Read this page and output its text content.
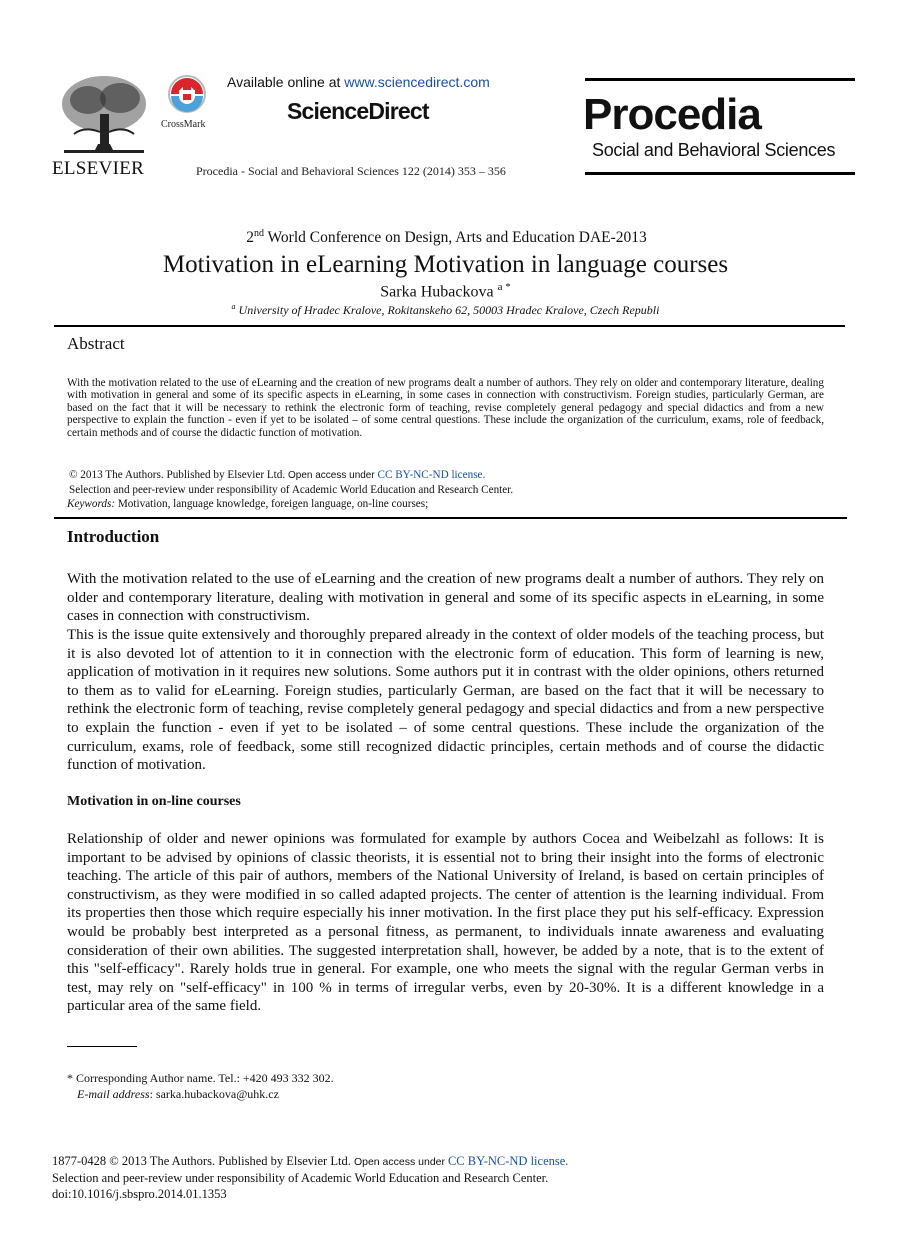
ELSEVIER
CrossMark
Available online at www.sciencedirect.com
ScienceDirect
Procedia - Social and Behavioral Sciences 122 (2014) 353 – 356
Procedia
Social and Behavioral Sciences
2nd World Conference on Design, Arts and Education DAE-2013
Motivation in eLearning Motivation in language courses
Sarka Hubackova $^{a *}$
$^a$ University of Hradec Kralove, Rokitanskeho 62, 50003 Hradec Kralove, Czech Republi
Abstract
With the motivation related to the use of eLearning and the creation of new programs dealt a number of authors. They rely on older and contemporary literature, dealing with motivation in general and some of its specific aspects in eLearning, in some cases in connection with constructivism. Foreign studies, particularly German, are based on the fact that it will be necessary to rethink the electronic form of teaching, revise completely general pedagogy and special didactics and from a new perspective to explain the function - even if yet to be isolated – of some central questions. These include the organization of the curriculum, exams, role of feedback, certain methods and of course the didactic function of motivation.
© 2013 The Authors. Published by Elsevier Ltd. Open access under CC BY-NC-ND license.
Selection and peer-review under responsibility of Academic World Education and Research Center.
Keywords: Motivation, language knowledge, foreigen language, on-line courses;
Introduction
With the motivation related to the use of eLearning and the creation of new programs dealt a number of authors. They rely on older and contemporary literature, dealing with motivation in general and some of its specific aspects in eLearning, in some cases in connection with constructivism.
This is the issue quite extensively and thoroughly prepared already in the context of older models of the teaching process, but it is also devoted lot of attention to it in connection with the electronic form of education. This form of learning is new, application of motivation in it requires new solutions. Some authors put it in contrast with the older opinions, others returned to them as to valid for eLearning. Foreign studies, particularly German, are based on the fact that it will be necessary to rethink the electronic form of teaching, revise completely general pedagogy and special didactics and from a new perspective to explain the function - even if yet to be isolated – of some central questions. These include the organization of the curriculum, exams, role of feedback, some still recognized didactic principles, certain methods and of course the didactic function of motivation.
Motivation in on-line courses
Relationship of older and newer opinions was formulated for example by authors Cocea and Weibelzahl as follows: It is important to be advised by opinions of classic theorists, it is essential not to bring their insight into the forms of electronic teaching. The article of this pair of authors, members of the National University of Ireland, is based on certain principles of constructivism, as they were modified in so called adapted projects. The center of attention is the learning individual. From its properties then those which require especially his inner motivation. In the first place they put his self-efficacy. Expression would be probably best interpreted as a personal fitness, as permanent, to individuals innate awareness and evaluating consideration of their own abilities. The suggested interpretation shall, however, be added by a note, that is to the extent of this "self-efficacy". Rarely holds true in general. For example, one who meets the signal with the regular German verbs in test, may rely on "self-efficacy" in 100 % in terms of irregular verbs, even by 20-30%. It is a different knowledge in a particular area of the same field.
* Corresponding Author name. Tel.: +420 493 332 302.
E-mail address: sarka.hubackova@uhk.cz
1877-0428 © 2013 The Authors. Published by Elsevier Ltd. Open access under CC BY-NC-ND license.
Selection and peer-review under responsibility of Academic World Education and Research Center.
doi:10.1016/j.sbspro.2014.01.1353
